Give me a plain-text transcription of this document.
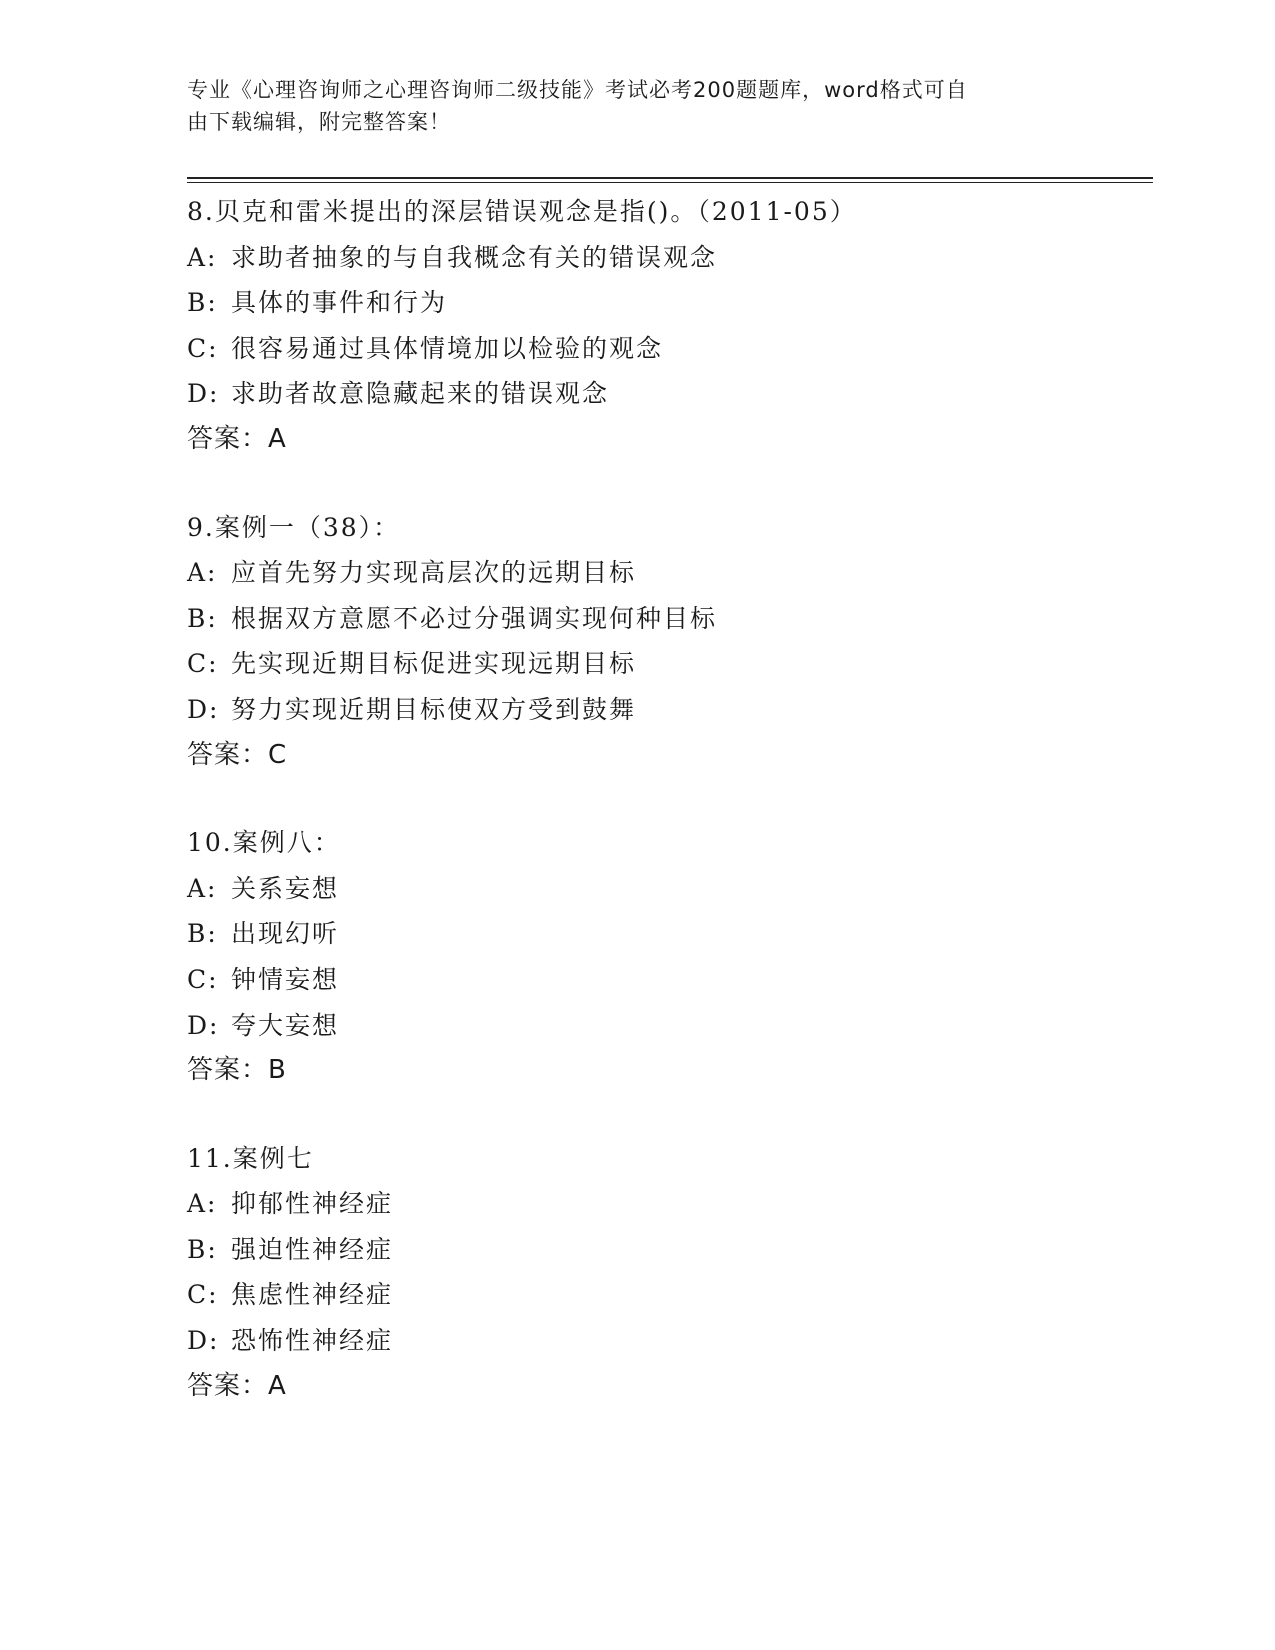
专业《心理咨询师之心理咨询师二级技能》考试必考200题题库，word格式可自

由下载编辑，附完整答案！

8.贝克和雷米提出的深层错误观念是指()。（2011-05）
A: 求助者抽象的与自我概念有关的错误观念
B: 具体的事件和行为
C: 很容易通过具体情境加以检验的观念
D: 求助者故意隐藏起来的错误观念
答案：A
9.案例一（38）：
A: 应首先努力实现高层次的远期目标
B: 根据双方意愿不必过分强调实现何种目标
C: 先实现近期目标促进实现远期目标
D: 努力实现近期目标使双方受到鼓舞
答案：C
10.案例八：
A: 关系妄想
B: 出现幻听
C: 钟情妄想
D: 夸大妄想
答案：B
11.案例七
A: 抑郁性神经症
B: 强迫性神经症
C: 焦虑性神经症
D: 恐怖性神经症
答案：A
